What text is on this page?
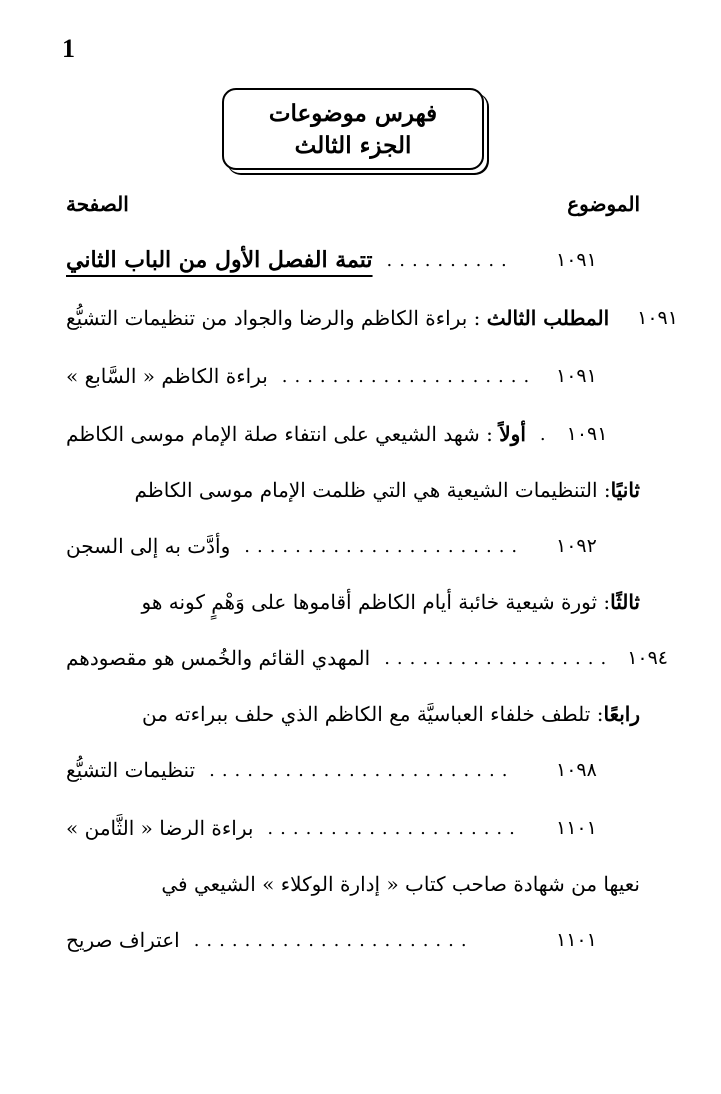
1
فهرس موضوعات
الجزء الثالث
الموضوع
الصفحة
تتمة الفصل الأول من الباب الثاني ..........	١٠٩١
المطلب الثالث : براءة الكاظم والرضا والجواد من تنظيمات التشيُّع	١٠٩١
براءة الكاظم « السَّابع » ....................	١٠٩١
أولاً : شهد الشيعي على انتفاء صلة الإمام موسى الكاظم	. ١٠٩١
ثانيًا
: التنظيمات الشيعية هي التي ظلمت الإمام موسى الكاظم
وأدَّت به إلى السجن ......................	١٠٩٢
ثالثًا
: ثورة شيعية خائبة أيام الكاظم أقاموها على وَهْمٍ كونه هو
المهدي القائم والخُمس هو مقصودهم .................. ١٠٩٤
رابعًا
: تلطف خلفاء العباسيَّة مع الكاظم الذي حلف ببراءته من
تنظيمات التشيُّع ........................	١٠٩٨
براءة الرضا « الثَّامن » ....................	١١٠١
نعيها من شهادة صاحب كتاب « إدارة الوكلاء » الشيعي في
اعتراف صريح ......................	١١٠١
